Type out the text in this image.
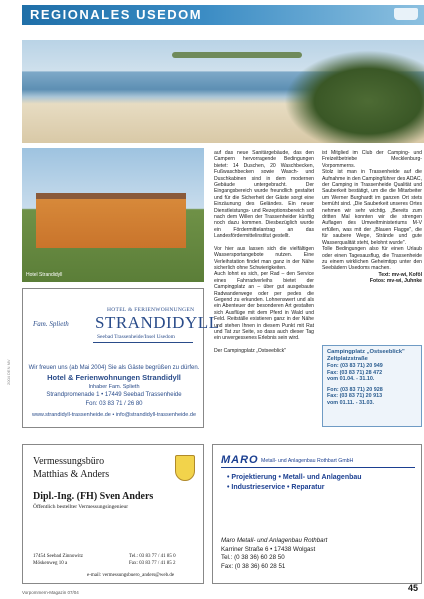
REGIONALES USEDOM
Hotel Strandidyll
HOTEL & FERIENWOHNUNGEN
Fam. Splieth STRANDIDYLL
Seebad Trassenheide/Insel Usedom
Wir freuen uns (ab Mai 2004) Sie als Gäste begrüßen zu dürfen.
Hotel & Ferienwohnungen Strandidyll
Inhaber Fam. Splieth
Strandpromenade 1 • 17449 Seebad Trassenheide
Fon: 03 83 71 / 26 80
www.strandidyll-trassenheide.de • info@strandidyll-trassenheide.de

auf das neue Sanitärgebäude, das den Campern hervorragende Bedingungen bietet: 14 Duschen, 20 Waschbecken, Fußwaschbecken sowie Wasch- und Duschkabinen sind in dem modernen Gebäude untergebracht. Der Eingangsbereich wurde freundlich gestaltet und für die Sicherheit der Gäste sorgt eine Einzäunung des Geländes. Ein neuer Dienstleistungs- und Rezeptionsbereich soll nach dem Willen der Trassenheider künftig noch dazu kommen. Diesbezüglich wurde ein Fördermittelantrag an das Landesfördermittelinstitut gestellt.

Vor hier aus lassen sich die vielfältigen Wassersportangebote nutzen. Eine Verleihstation findet man ganz in der Nähe sicherlich ohne Schwierigkeiten.

Auch lohnt es sich, per Rad – den Service eines Fahrradverleihs bietet der Campingplatz an – über gut ausgebaute Radwanderwege oder per pedes die Gegend zu erkunden. Lohnenswert und als ein Abenteuer der besonderen Art gestalten sich Ausflüge mit dem Pferd in Wald und Feld. Reitställe existieren ganz in der Nähe und stehen Ihnen in diesem Punkt mit Rat und Tat zur Seite, so dass auch dieser Tag ein unvergessenes Erlebnis sein wird.

Der Campingplatz „Ostseeblick"

ist Mitglied im Club der Camping- und Freizeitbetriebe Mecklenburg-Vorpommerns.

Stolz ist man in Trassenheide auf die Aufnahme in den Campingführer des ADAC, der Camping in Trassenheide Qualität und Sauberkeit bestätigt, um die die Mitarbeiter um Werner Burghardt im ganzen Ort stets bemüht sind. „Die Sauberkeit unseres Ortes nehmen wir sehr wichtig. „Bereits zum dritten Mal konnten wir die strengen Auflagen des Umweltministeriums M-V erfüllen, was mit der „Blauen Flagge", die für saubere Wege, Strände und gute Wasserqualität steht, belohnt wurde".

Tolle Bedingungen also für einen Urlaub oder einen Tagesausflug, die Trassenheide zu einem wirklichen Geheimtipp unter den Seebädern Usedoms machen.

Text: mv-wi, Koföl

Fotos: mv-wi, Juhnke

Campingplatz „Ostseeblick" Zeltplatzstraße
Fon: (03 83 71) 20 949
Fax: (03 83 71) 28 472
vom 01.04. - 31.10.
Fon: (03 83 71) 20 928
Fax: (03 83 71) 20 913
vom 01.11. - 31.03.
Vermessungsbüro
Matthias & Anders
Dipl.-Ing. (FH) Sven Anders
Öffentlich bestellter Vermessungsingenieur
17454 Seebad Zinnowitz
Möskenweg 10 a
Tel.: 03 83 77 / 41 85 0
Fax: 03 83 77 / 41 85 2
e-mail: vermessungsbuero_anders@web.de
MARO Metall- und Anlagenbau Rothbart GmbH
• Projektierung • Metall- und Anlagenbau
• Industrieservice • Reparatur
Maro Metall- und Anlagenbau Rothbart
Karriner Straße 6 • 17438 Wolgast
Tel.: (0 38 36) 60 28 50
Fax: (0 38 36) 60 28 51
Vorpommern-Magazin 07/04	45
2004 DEN MV
